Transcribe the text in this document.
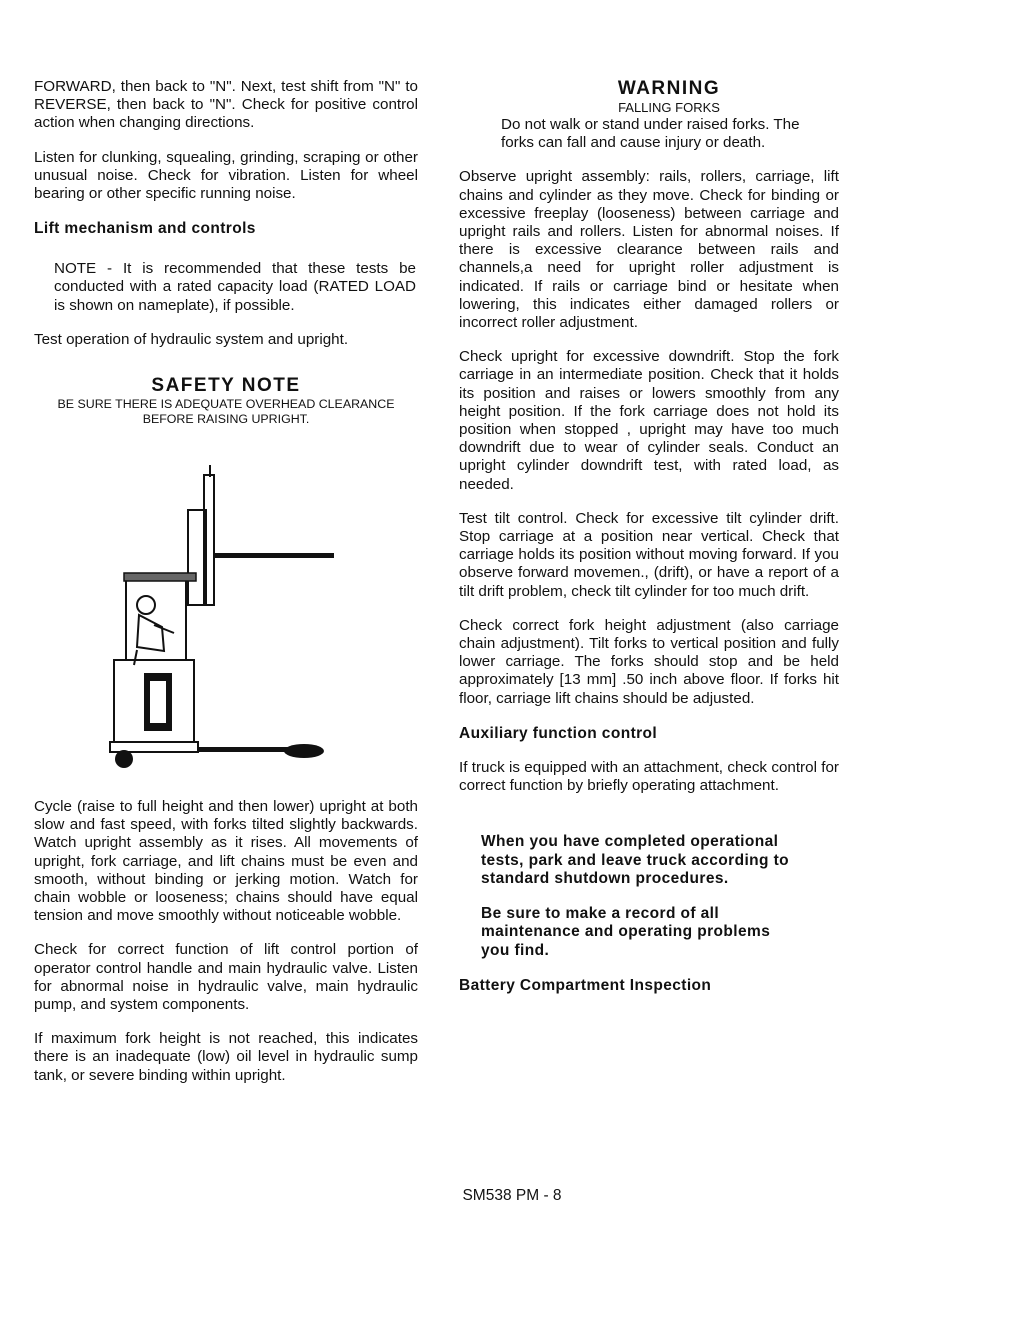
FORWARD, then back to "N". Next, test shift from "N" to REVERSE, then back to "N". Check for positive control action when changing directions.

Listen for clunking, squealing, grinding, scraping or other unusual noise. Check for vibration. Listen for wheel bearing or other specific running noise.

Lift mechanism and controls

NOTE - It is recommended that these tests be conducted with a rated capacity load (RATED LOAD is shown on nameplate), if possible.

Test operation of hydraulic system and upright.

SAFETY NOTE
BE SURE THERE IS ADEQUATE OVERHEAD CLEARANCE BEFORE RAISING UPRIGHT.

Cycle (raise to full height and then lower) upright at both slow and fast speed, with forks tilted slightly backwards. Watch upright assembly as it rises. All movements of upright, fork carriage, and lift chains must be even and smooth, without binding or jerking motion. Watch for chain wobble or looseness; chains should have equal tension and move smoothly without noticeable wobble.

Check for correct function of lift control portion of operator control handle and main hydraulic valve. Listen for abnormal noise in hydraulic valve, main hydraulic pump, and system components.

If maximum fork height is not reached, this indicates there is an inadequate (low) oil level in hydraulic sump tank, or severe binding within upright.

WARNING
FALLING FORKS
Do not walk or stand under raised forks. The forks can fall and cause injury or death.

Observe upright assembly: rails, rollers, carriage, lift chains and cylinder as they move. Check for binding or excessive freeplay (looseness) between carriage and upright rails and rollers. Listen for abnormal noises. If there is excessive clearance between rails and channels,a need for upright roller adjustment is indicated. If rails or carriage bind or hesitate when lowering, this indicates either damaged rollers or incorrect roller adjustment.

Check upright for excessive downdrift. Stop the fork carriage in an intermediate position. Check that it holds its position and raises or lowers smoothly from any height position. If the fork carriage does not hold its position when stopped , upright may have too much downdrift due to wear of cylinder seals. Conduct an upright cylinder downdrift test, with rated load, as needed.

Test tilt control. Check for excessive tilt cylinder drift. Stop carriage at a position near vertical. Check that carriage holds its position without moving forward. If you observe forward movemen., (drift), or have a report of a tilt drift problem, check tilt cylinder for too much drift.

Check correct fork height adjustment (also carriage chain adjustment). Tilt forks to vertical position and fully lower carriage. The forks should stop and be held approximately [13 mm] .50 inch above floor. If forks hit floor, carriage lift chains should be adjusted.

Auxiliary function control

If truck is equipped with an attachment, check control for correct function by briefly operating attachment.

When you have completed operational tests, park and leave truck according to standard shutdown procedures.
Be sure to make a record of all maintenance and operating problems you find.
Battery Compartment Inspection
SM538 PM - 8
